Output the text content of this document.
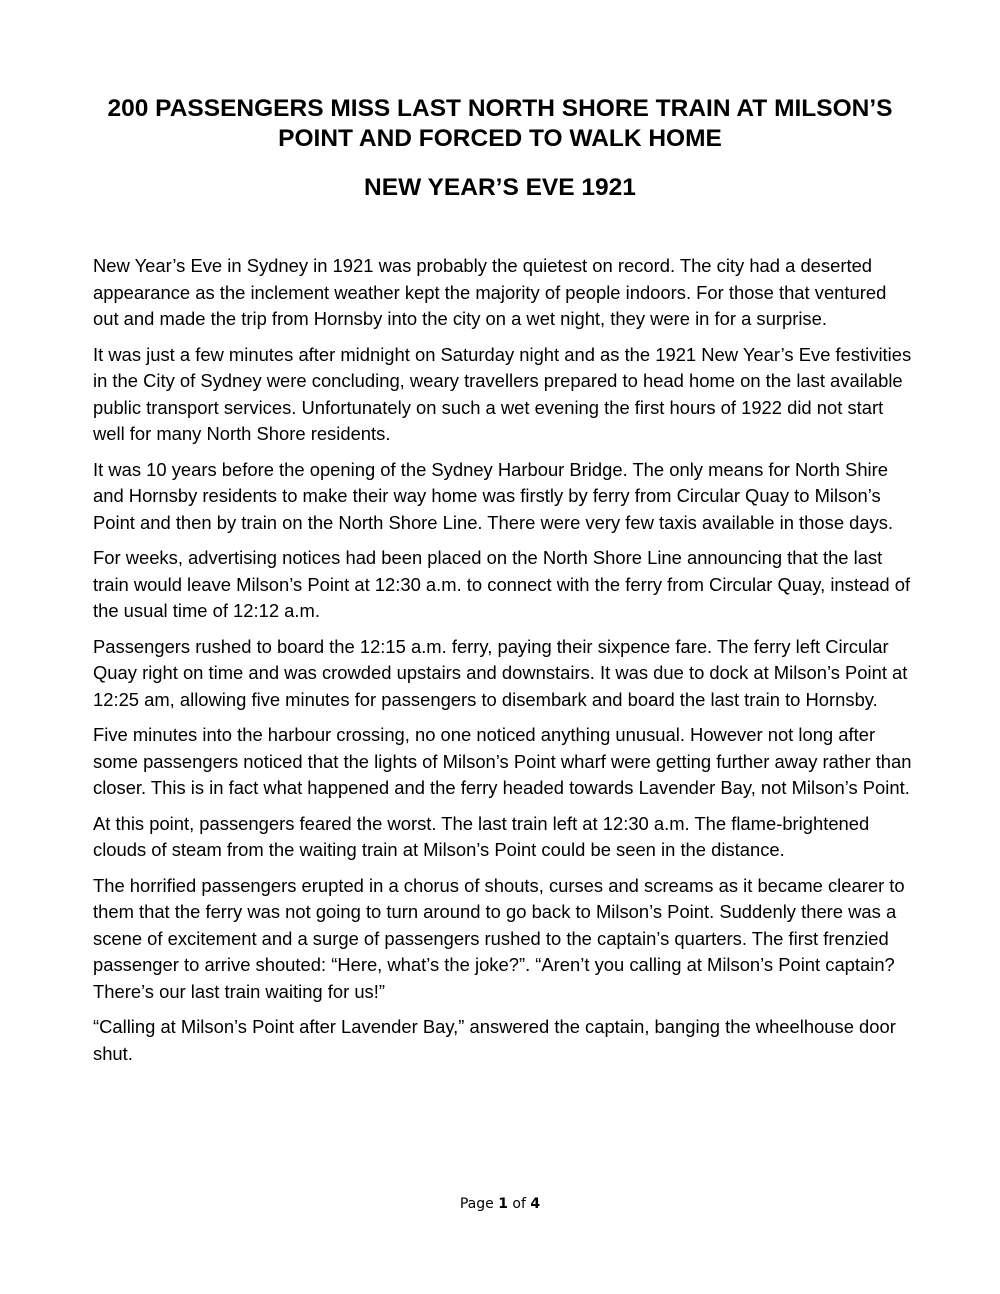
200 PASSENGERS MISS LAST NORTH SHORE TRAIN AT MILSON’S POINT AND FORCED TO WALK HOME
NEW YEAR’S EVE 1921

New Year’s Eve in Sydney in 1921 was probably the quietest on record. The city had a deserted appearance as the inclement weather kept the majority of people indoors. For those that ventured out and made the trip from Hornsby into the city on a wet night, they were in for a surprise.

It was just a few minutes after midnight on Saturday night and as the 1921 New Year’s Eve festivities in the City of Sydney were concluding, weary travellers prepared to head home on the last available public transport services. Unfortunately on such a wet evening the first hours of 1922 did not start well for many North Shore residents.

It was 10 years before the opening of the Sydney Harbour Bridge. The only means for North Shire and Hornsby residents to make their way home was firstly by ferry from Circular Quay to Milson’s Point and then by train on the North Shore Line. There were very few taxis available in those days.

For weeks, advertising notices had been placed on the North Shore Line announcing that the last train would leave Milson’s Point at 12:30 a.m. to connect with the ferry from Circular Quay, instead of the usual time of 12:12 a.m.

Passengers rushed to board the 12:15 a.m. ferry, paying their sixpence fare. The ferry left Circular Quay right on time and was crowded upstairs and downstairs. It was due to dock at Milson’s Point at 12:25 am, allowing five minutes for passengers to disembark and board the last train to Hornsby.

Five minutes into the harbour crossing, no one noticed anything unusual. However not long after some passengers noticed that the lights of Milson’s Point wharf were getting further away rather than closer. This is in fact what happened and the ferry headed towards Lavender Bay, not Milson’s Point.

At this point, passengers feared the worst. The last train left at 12:30 a.m. The flame-brightened clouds of steam from the waiting train at Milson’s Point could be seen in the distance.

The horrified passengers erupted in a chorus of shouts, curses and screams as it became clearer to them that the ferry was not going to turn around to go back to Milson’s Point. Suddenly there was a scene of excitement and a surge of passengers rushed to the captain’s quarters. The first frenzied passenger to arrive shouted: “Here, what’s the joke?”. “Aren’t you calling at Milson’s Point captain? There’s our last train waiting for us!”

“Calling at Milson’s Point after Lavender Bay,” answered the captain, banging the wheelhouse door shut.

Page 1 of 4
